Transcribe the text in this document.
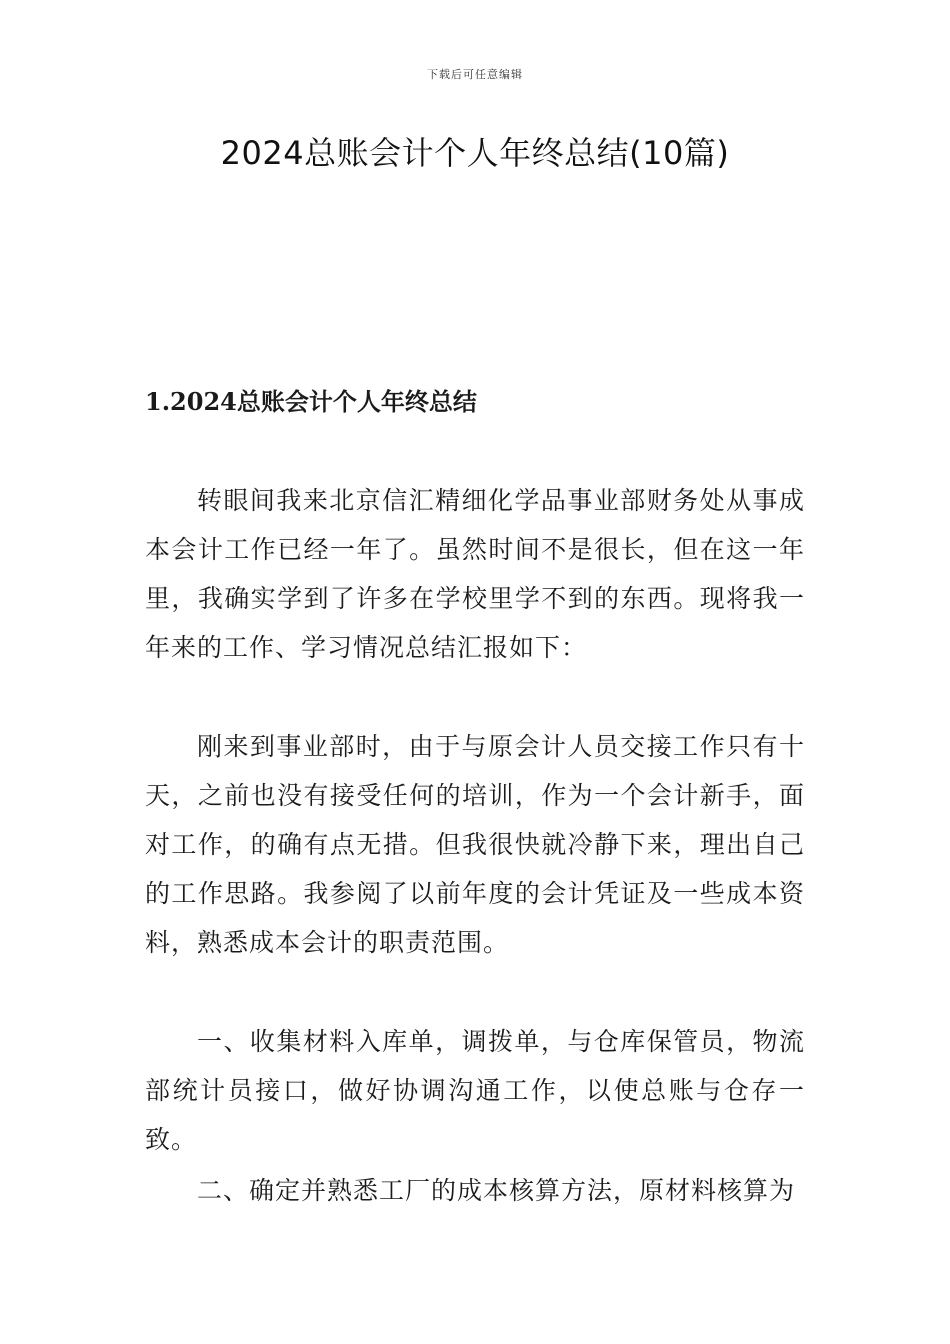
下载后可任意编辑
2024总账会计个人年终总结(10篇)
1.2024总账会计个人年终总结

转眼间我来北京信汇精细化学品事业部财务处从事成本会计工作已经一年了。虽然时间不是很长，但在这一年里，我确实学到了许多在学校里学不到的东西。现将我一年来的工作、学习情况总结汇报如下：

刚来到事业部时，由于与原会计人员交接工作只有十天，之前也没有接受任何的培训，作为一个会计新手，面对工作，的确有点无措。但我很快就冷静下来，理出自己的工作思路。我参阅了以前年度的会计凭证及一些成本资料，熟悉成本会计的职责范围。

一、收集材料入库单，调拨单，与仓库保管员，物流部统计员接口，做好协调沟通工作，以使总账与仓存一致。

二、确定并熟悉工厂的成本核算方法，原材料核算为
